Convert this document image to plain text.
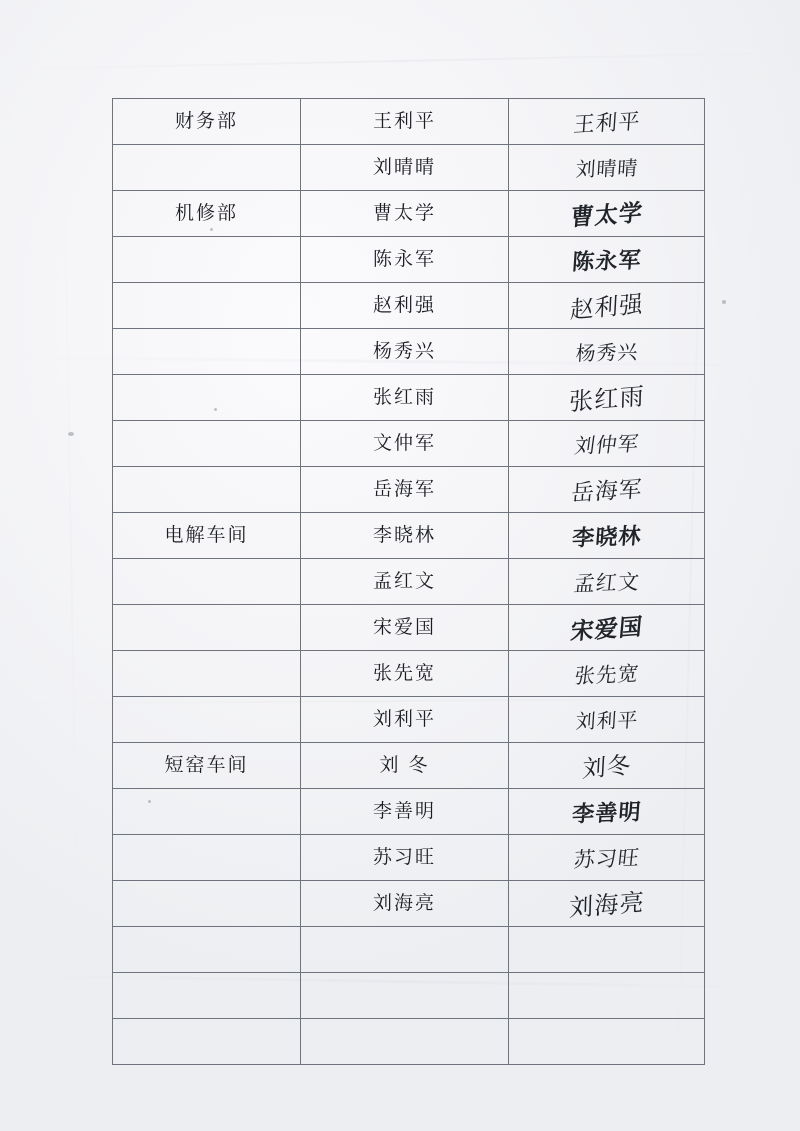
财务部	王利平	王利平

	刘晴晴	刘晴晴

机修部	曹太学	曹太学

	陈永军	陈永军

	赵利强	赵利强

	杨秀兴	杨秀兴

	张红雨	张红雨

	文仲军	刘仲军

	岳海军	岳海军

电解车间	李晓林	李晓林

	孟红文	孟红文

	宋爱国	宋爱国

	张先宽	张先宽

	刘利平	刘利平

短窑车间	刘 冬	刘冬

	李善明	李善明

	苏习旺	苏习旺

	刘海亮	刘海亮
